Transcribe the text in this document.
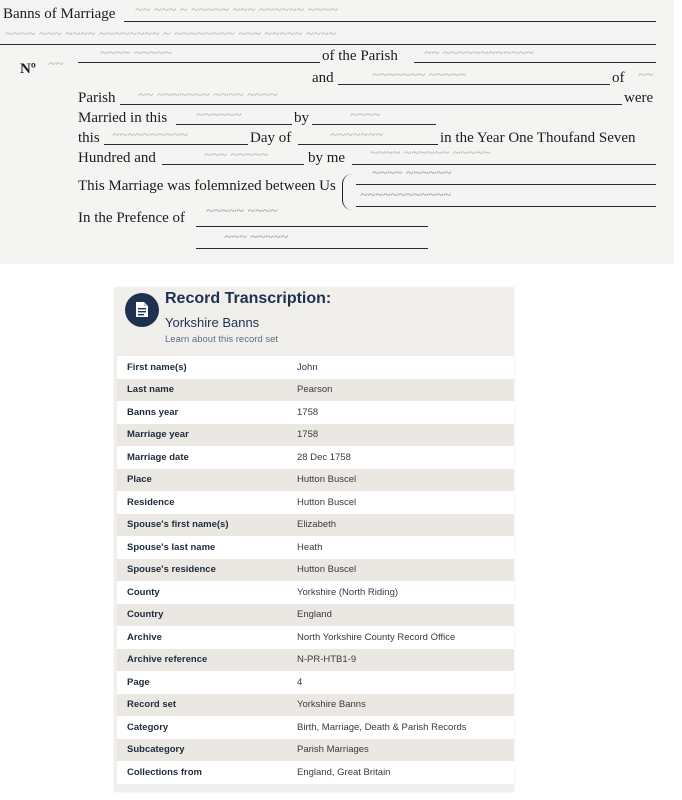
Banns of Marriage ~~ ~~~ ~ ~~~~~ ~~~ ~~~~~~ ~~~~
~~~~ ~~~ ~~~~ ~~~~~~~~ ~ ~~~~~~~~ ~~~ ~~~~~ ~~~~
Nº ~~
~~~~ ~~~~~	of the Parish ~~ ~~~~~~~~~~~~
and	~~~~~~~ ~~~~~	of ~~
Parish ~~ ~~~~~~~ ~~~~ ~~~~	were
Married in this ~~~~~~	by	~~~~
this ~~~~~~~~~~	Day of	~~~~~~~	in the Year One Thoufand Seven
Hundred and	~~~ ~~~~~	by me ~~~~ ~~~~~~ ~~~~~
This Marriage was folemnized between Us
~~~~ ~~~~~~
~~~~~~~~~~~~
In the Prefence of ~~~~~ ~~~~
~~~ ~~~~~
Record Transcription:
Yorkshire Banns
Learn about this record set
First name(s)	John
Last name	Pearson
Banns year	1758
Marriage year	1758
Marriage date	28 Dec 1758
Place	Hutton Buscel
Residence	Hutton Buscel
Spouse's first name(s)	Elizabeth
Spouse's last name	Heath
Spouse's residence	Hutton Buscel
County	Yorkshire (North Riding)
Country	England
Archive	North Yorkshire County Record Office
Archive reference	N-PR-HTB1-9
Page	4
Record set	Yorkshire Banns
Category	Birth, Marriage, Death & Parish Records
Subcategory	Parish Marriages
Collections from	England, Great Britain
